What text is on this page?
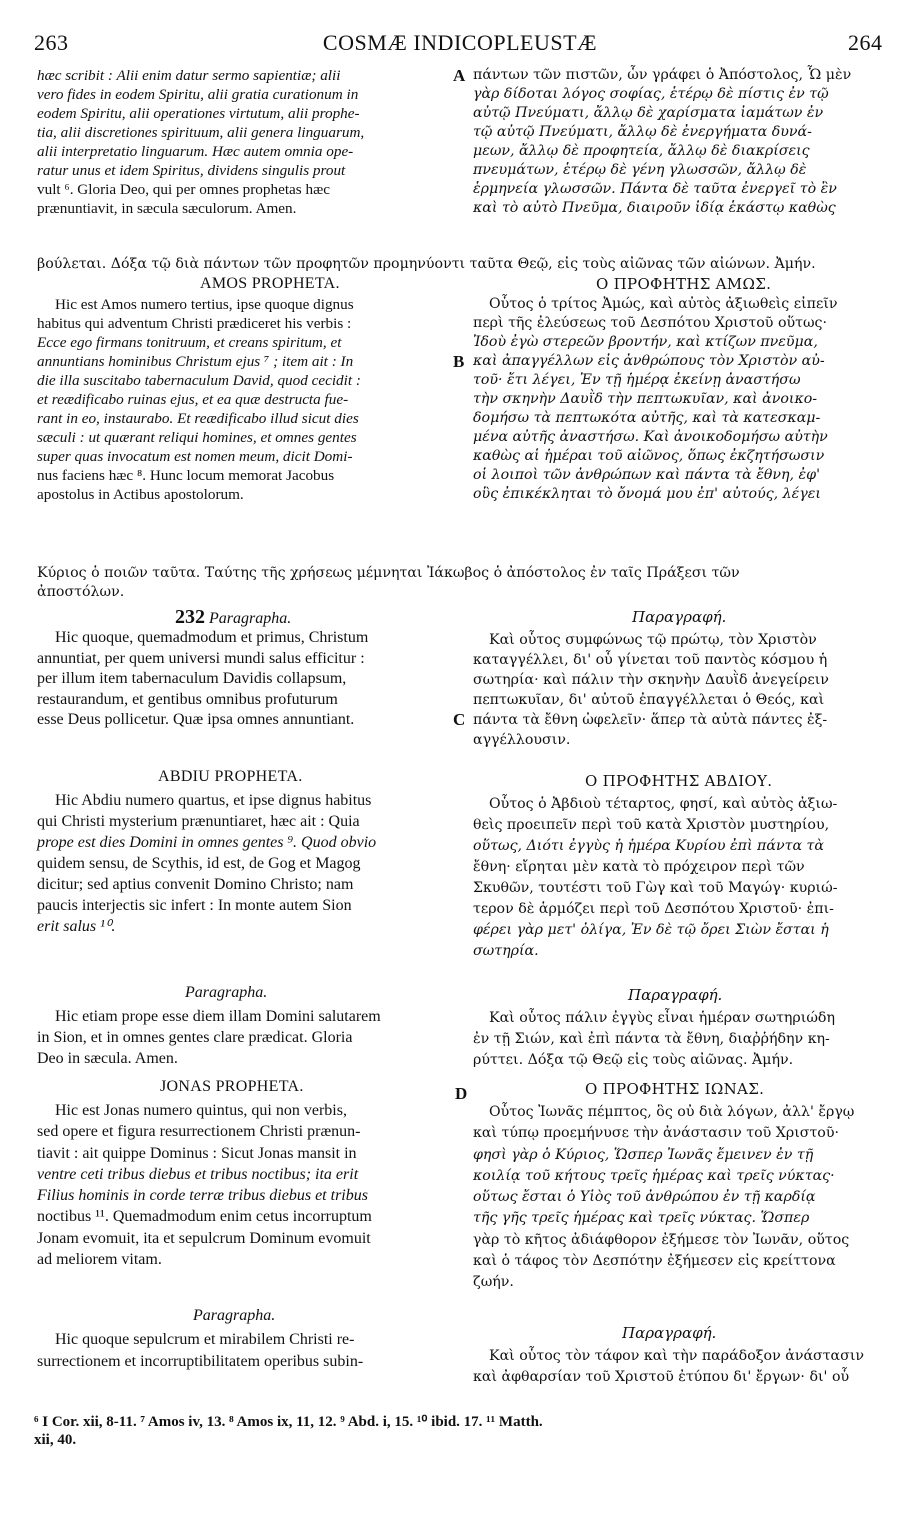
263	COSMÆ INDICOPLEUSTÆ	264
A
B
C
D
hæc scribit : Alii enim datur sermo sapientiæ; alii
vero fides in eodem Spiritu, alii gratia curationum in
eodem Spiritu, alii operationes virtutum, alii prophe-
tia, alii discretiones spirituum, alii genera linguarum,
alii interpretatio linguarum. Hæc autem omnia ope-
ratur unus et idem Spiritus, dividens singulis prout
vult ⁶. Gloria Deo, qui per omnes prophetas hæc
prænuntiavit, in sæcula sæculorum. Amen.
AMOS PROPHETA.
Hic est Amos numero tertius, ipse quoque dignus
habitus qui adventum Christi prædiceret his verbis :
Ecce ego firmans tonitruum, et creans spiritum, et
annuntians hominibus Christum ejus ⁷ ; item ait : In
die illa suscitabo tabernaculum David, quod cecidit :
et reædificabo ruinas ejus, et ea quæ destructa fue-
rant in eo, instaurabo. Et reædificabo illud sicut dies
sæculi : ut quærant reliqui homines, et omnes gentes
super quas invocatum est nomen meum, dicit Domi-
nus faciens hæc ⁸. Hunc locum memorat Jacobus
apostolus in Actibus apostolorum.
βούλεται. Δόξα τῷ διὰ πάντων τῶν προφητῶν προμηνύοντι ταῦτα Θεῷ, εἰς τοὺς αἰῶνας τῶν αἰώνων. Ἀμήν.
Κύριος ὁ ποιῶν ταῦτα. Ταύτης τῆς χρήσεως μέμνηται Ἰάκωβος ὁ ἀπόστολος ἐν ταῖς Πράξεσι τῶν
ἀποστόλων.
232 Paragrapha.
Hic quoque, quemadmodum et primus, Christum
annuntiat, per quem universi mundi salus efficitur :
per illum item tabernaculum Davidis collapsum,
restaurandum, et gentibus omnibus profuturum
esse Deus pollicetur. Quæ ipsa omnes annuntiant.
ABDIU PROPHETA.
Hic Abdiu numero quartus, et ipse dignus habitus
qui Christi mysterium prænuntiaret, hæc ait : Quia
prope est dies Domini in omnes gentes ⁹. Quod obvio
quidem sensu, de Scythis, id est, de Gog et Magog
dicitur; sed aptius convenit Domino Christo; nam
paucis interjectis sic infert : In monte autem Sion
erit salus ¹⁰.
Paragrapha.
Hic etiam prope esse diem illam Domini salutarem
in Sion, et in omnes gentes clare prædicat. Gloria
Deo in sæcula. Amen.
JONAS PROPHETA.
Hic est Jonas numero quintus, qui non verbis,
sed opere et figura resurrectionem Christi prænun-
tiavit : ait quippe Dominus : Sicut Jonas mansit in
ventre ceti tribus diebus et tribus noctibus; ita erit
Filius hominis in corde terræ tribus diebus et tribus
noctibus ¹¹. Quemadmodum enim cetus incorruptum
Jonam evomuit, ita et sepulcrum Dominum evomuit
ad meliorem vitam.
Paragrapha.
Hic quoque sepulcrum et mirabilem Christi re-
surrectionem et incorruptibilitatem operibus subin-
πάντων τῶν πιστῶν, ὧν γράφει ὁ Ἀπόστολος, Ὧ μὲν
γὰρ δίδοται λόγος σοφίας, ἑτέρῳ δὲ πίστις ἐν τῷ
αὐτῷ Πνεύματι, ἄλλῳ δὲ χαρίσματα ἰαμάτων ἐν
τῷ αὐτῷ Πνεύματι, ἄλλῳ δὲ ἐνεργήματα δυνά-
μεων, ἄλλῳ δὲ προφητεία, ἄλλῳ δὲ διακρίσεις
πνευμάτων, ἑτέρῳ δὲ γένη γλωσσῶν, ἄλλῳ δὲ
ἑρμηνεία γλωσσῶν. Πάντα δὲ ταῦτα ἐνεργεῖ τὸ ἓν
καὶ τὸ αὐτὸ Πνεῦμα, διαιροῦν ἰδίᾳ ἑκάστῳ καθὼς
Ο ΠΡΟΦΗΤΗΣ ΑΜΩΣ.
Οὗτος ὁ τρίτος Ἀμώς, καὶ αὐτὸς ἀξιωθεὶς εἰπεῖν
περὶ τῆς ἐλεύσεως τοῦ Δεσπότου Χριστοῦ οὕτως·
Ἰδοὺ ἐγὼ στερεῶν βροντήν, καὶ κτίζων πνεῦμα,
καὶ ἀπαγγέλλων εἰς ἀνθρώπους τὸν Χριστὸν αὐ-
τοῦ· ἔτι λέγει, Ἐν τῇ ἡμέρᾳ ἐκείνῃ ἀναστήσω
τὴν σκηνὴν Δαυῒδ τὴν πεπτωκυῖαν, καὶ ἀνοικο-
δομήσω τὰ πεπτωκότα αὐτῆς, καὶ τὰ κατεσκαμ-
μένα αὐτῆς ἀναστήσω. Καὶ ἀνοικοδομήσω αὐτὴν
καθὼς αἱ ἡμέραι τοῦ αἰῶνος, ὅπως ἐκζητήσωσιν
οἱ λοιποὶ τῶν ἀνθρώπων καὶ πάντα τὰ ἔθνη, ἐφ'
οὓς ἐπικέκληται τὸ ὄνομά μου ἐπ' αὐτούς, λέγει
Παραγραφή.
Καὶ οὗτος συμφώνως τῷ πρώτῳ, τὸν Χριστὸν
καταγγέλλει, δι' οὗ γίνεται τοῦ παντὸς κόσμου ἡ
σωτηρία· καὶ πάλιν τὴν σκηνὴν Δαυῒδ ἀνεγείρειν
πεπτωκυῖαν, δι' αὐτοῦ ἐπαγγέλλεται ὁ Θεός, καὶ
πάντα τὰ ἔθνη ὠφελεῖν· ἅπερ τὰ αὐτὰ πάντες ἐξ-
αγγέλλουσιν.
Ο ΠΡΟΦΗΤΗΣ ΑΒΔΙΟΥ.
Οὗτος ὁ Ἀβδιοὺ τέταρτος, φησί, καὶ αὐτὸς ἀξιω-
θεὶς προειπεῖν περὶ τοῦ κατὰ Χριστὸν μυστηρίου,
οὕτως, Διότι ἐγγὺς ἡ ἡμέρα Κυρίου ἐπὶ πάντα τὰ
ἔθνη· εἴρηται μὲν κατὰ τὸ πρόχειρον περὶ τῶν
Σκυθῶν, τουτέστι τοῦ Γὼγ καὶ τοῦ Μαγώγ· κυριώ-
τερον δὲ ἁρμόζει περὶ τοῦ Δεσπότου Χριστοῦ· ἐπι-
φέρει γὰρ μετ' ὀλίγα, Ἐν δὲ τῷ ὄρει Σιὼν ἔσται ἡ
σωτηρία.
Παραγραφή.
Καὶ οὗτος πάλιν ἐγγὺς εἶναι ἡμέραν σωτηριώδη
ἐν τῇ Σιών, καὶ ἐπὶ πάντα τὰ ἔθνη, διαῤῥήδην κη-
ρύττει. Δόξα τῷ Θεῷ εἰς τοὺς αἰῶνας. Ἀμήν.
Ο ΠΡΟΦΗΤΗΣ ΙΩΝΑΣ.
Οὗτος Ἰωνᾶς πέμπτος, ὃς οὐ διὰ λόγων, ἀλλ' ἔργῳ
καὶ τύπῳ προεμήνυσε τὴν ἀνάστασιν τοῦ Χριστοῦ·
φησὶ γὰρ ὁ Κύριος, Ὥσπερ Ἰωνᾶς ἔμεινεν ἐν τῇ
κοιλίᾳ τοῦ κήτους τρεῖς ἡμέρας καὶ τρεῖς νύκτας·
οὕτως ἔσται ὁ Υἱὸς τοῦ ἀνθρώπου ἐν τῇ καρδίᾳ
τῆς γῆς τρεῖς ἡμέρας καὶ τρεῖς νύκτας. Ὥσπερ
γὰρ τὸ κῆτος ἀδιάφθορον ἐξήμεσε τὸν Ἰωνᾶν, οὕτος
καὶ ὁ τάφος τὸν Δεσπότην ἐξήμεσεν εἰς κρείττονα
ζωήν.
Παραγραφή.
Καὶ οὗτος τὸν τάφον καὶ τὴν παράδοξον ἀνάστασιν
καὶ ἀφθαρσίαν τοῦ Χριστοῦ ἐτύπου δι' ἔργων· δι' οὗ
⁶ I Cor. xii, 8-11. ⁷ Amos iv, 13. ⁸ Amos ix, 11, 12. ⁹ Abd. i, 15. ¹⁰ ibid. 17. ¹¹ Matth.
xii, 40.
